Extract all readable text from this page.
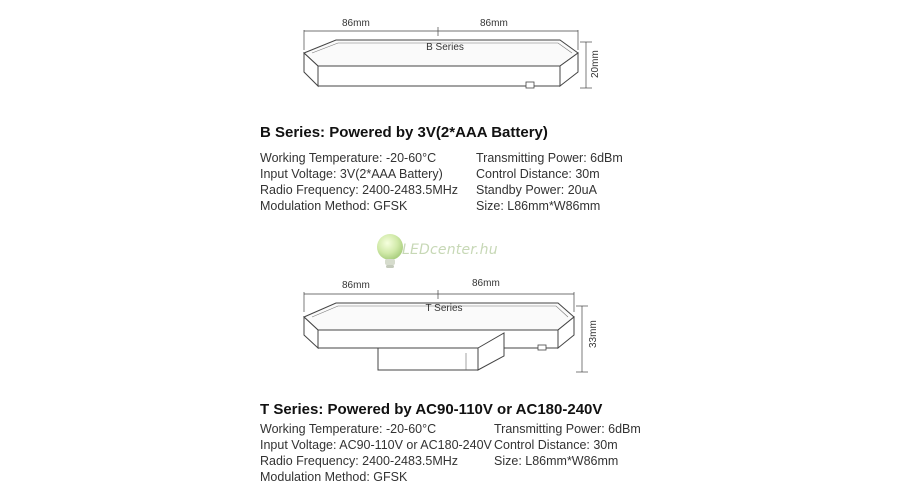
B Series
86mm	86mm
20mm
T Series
86mm	86mm
33mm
B Series: Powered by 3V(2*AAA Battery)
Working Temperature: -20-60°C
Input Voltage: 3V(2*AAA Battery)
Radio Frequency: 2400-2483.5MHz
Modulation Method: GFSK
Transmitting Power: 6dBm
Control Distance: 30m
Standby Power: 20uA
Size: L86mm*W86mm
LEDcenter.hu
T Series: Powered by AC90-110V or AC180-240V
Working Temperature: -20-60°C
Input Voltage: AC90-110V or AC180-240V
Radio Frequency: 2400-2483.5MHz
Modulation Method: GFSK
Transmitting Power: 6dBm
Control Distance: 30m
Size: L86mm*W86mm
